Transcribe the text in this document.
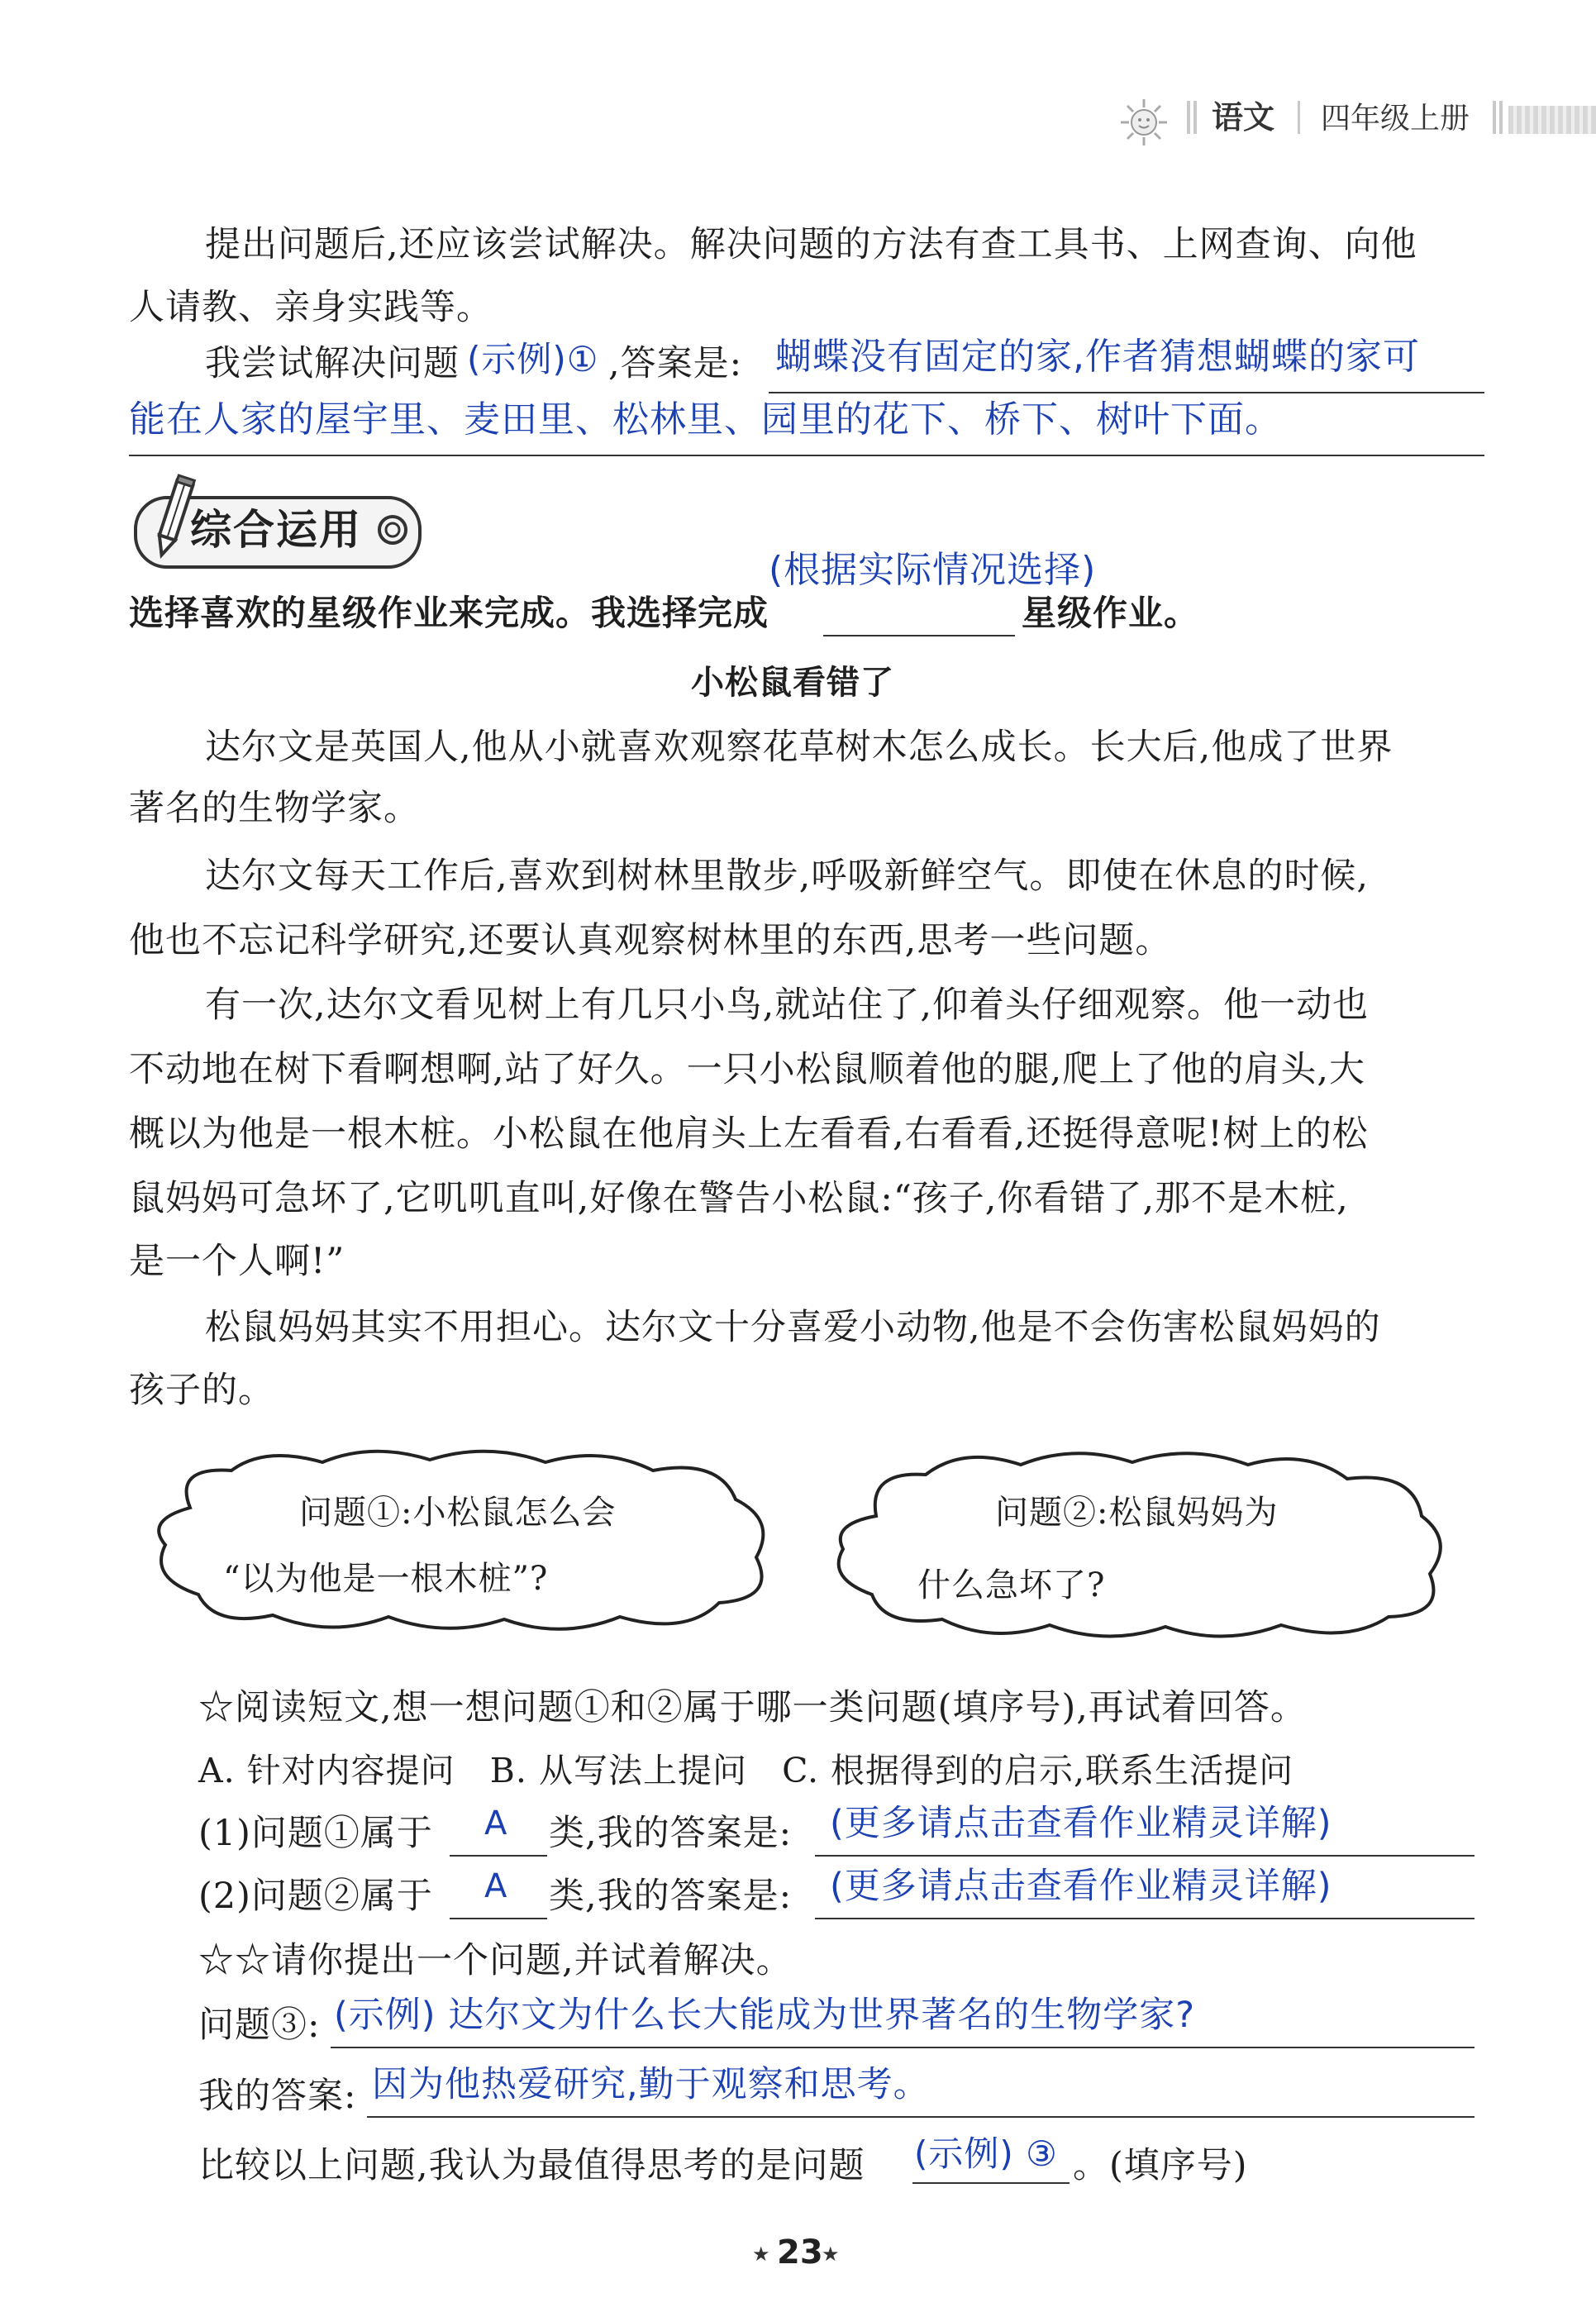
语文 四年级上册
提出问题后,还应该尝试解决。解决问题的方法有查工具书、上网查询、向他
人请教、亲身实践等。
我尝试解决问题 (示例)① ,答案是: 蝴蝶没有固定的家,作者猜想蝴蝶的家可
能在人家的屋宇里、麦田里、松林里、园里的花下、桥下、树叶下面。
综合运用
(根据实际情况选择)
选择喜欢的星级作业来完成。我选择完成	星级作业。
小松鼠看错了
达尔文是英国人,他从小就喜欢观察花草树木怎么成长。长大后,他成了世界
著名的生物学家。
达尔文每天工作后,喜欢到树林里散步,呼吸新鲜空气。即使在休息的时候,
他也不忘记科学研究,还要认真观察树林里的东西,思考一些问题。
有一次,达尔文看见树上有几只小鸟,就站住了,仰着头仔细观察。他一动也
不动地在树下看啊想啊,站了好久。一只小松鼠顺着他的腿,爬上了他的肩头,大
概以为他是一根木桩。小松鼠在他肩头上左看看,右看看,还挺得意呢!树上的松
鼠妈妈可急坏了,它叽叽直叫,好像在警告小松鼠:“孩子,你看错了,那不是木桩,
是一个人啊!”
松鼠妈妈其实不用担心。达尔文十分喜爱小动物,他是不会伤害松鼠妈妈的
孩子的。
问题①:小松鼠怎么会
“以为他是一根木桩”?
问题②:松鼠妈妈为
什么急坏了?
☆阅读短文,想一想问题①和②属于哪一类问题(填序号),再试着回答。
A. 针对内容提问   B. 从写法上提问   C. 根据得到的启示,联系生活提问
(1)问题①属于 A 类,我的答案是: (更多请点击查看作业精灵详解)
(2)问题②属于 A 类,我的答案是: (更多请点击查看作业精灵详解)
☆☆请你提出一个问题,并试着解决。
问题③: (示例) 达尔文为什么长大能成为世界著名的生物学家?
我的答案: 因为他热爱研究,勤于观察和思考。
比较以上问题,我认为最值得思考的是问题 (示例) ③ 。(填序号)
★ 23
★
